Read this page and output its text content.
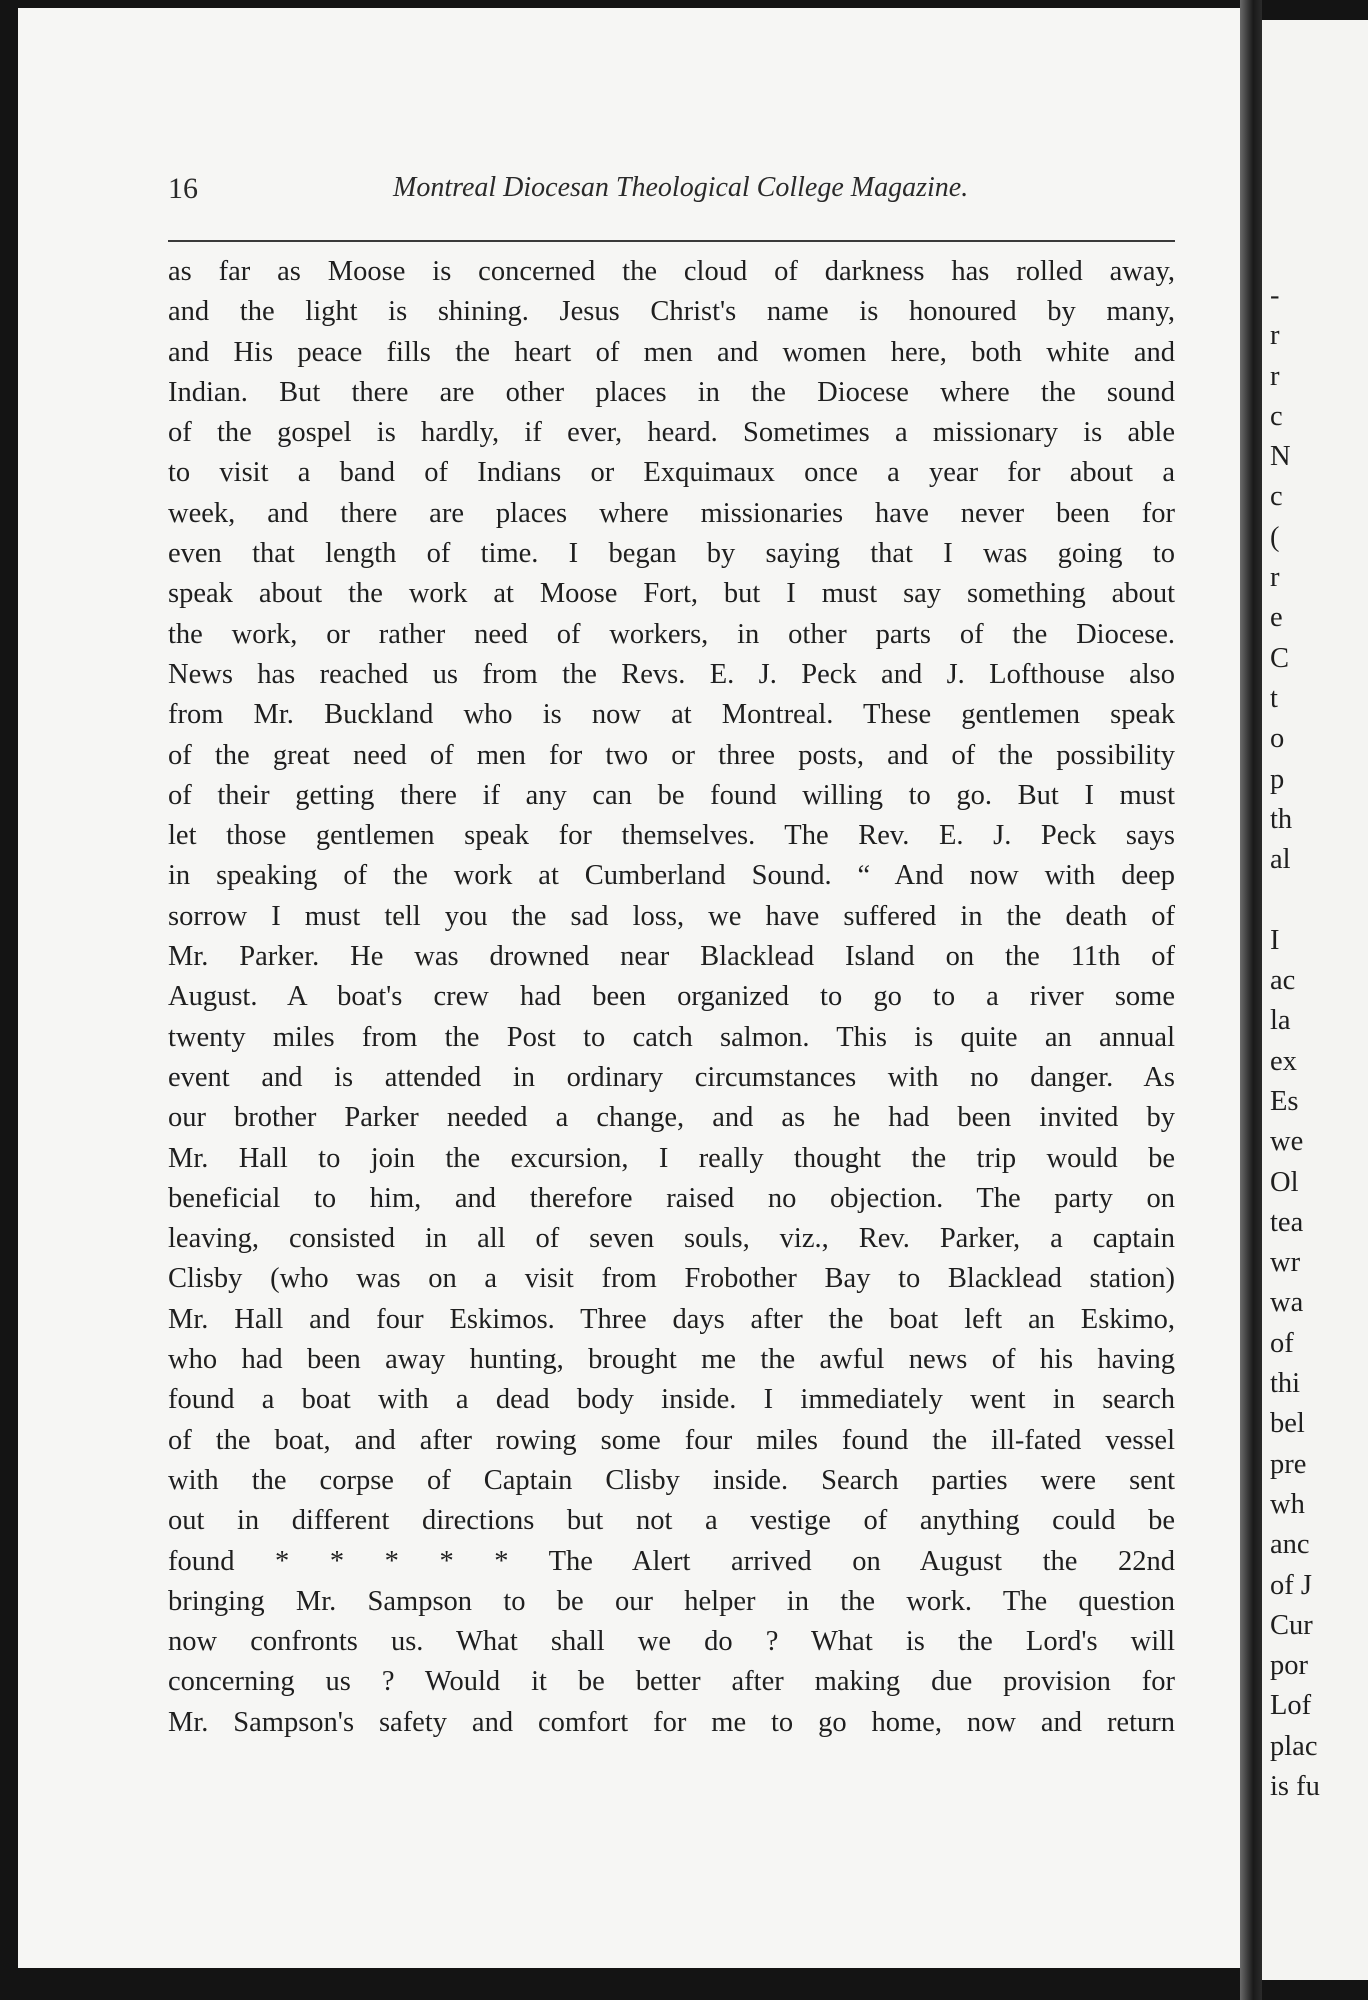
16	Montreal Diocesan Theological College Magazine.
as far as Moose is concerned the cloud of darkness has rolled away,
and the light is shining. Jesus Christ's name is honoured by many,
and His peace fills the heart of men and women here, both white and
Indian. But there are other places in the Diocese where the sound
of the gospel is hardly, if ever, heard. Sometimes a missionary is able
to visit a band of Indians or Exquimaux once a year for about a
week, and there are places where missionaries have never been for
even that length of time. I began by saying that I was going to
speak about the work at Moose Fort, but I must say something about
the work, or rather need of workers, in other parts of the Diocese.
News has reached us from the Revs. E. J. Peck and J. Lofthouse also
from Mr. Buckland who is now at Montreal. These gentlemen speak
of the great need of men for two or three posts, and of the possibility
of their getting there if any can be found willing to go. But I must
let those gentlemen speak for themselves. The Rev. E. J. Peck says
in speaking of the work at Cumberland Sound. “ And now with deep
sorrow I must tell you the sad loss, we have suffered in the death of
Mr. Parker. He was drowned near Blacklead Island on the 11th of
August. A boat's crew had been organized to go to a river some
twenty miles from the Post to catch salmon. This is quite an annual
event and is attended in ordinary circumstances with no danger. As
our brother Parker needed a change, and as he had been invited by
Mr. Hall to join the excursion, I really thought the trip would be
beneficial to him, and therefore raised no objection. The party on
leaving, consisted in all of seven souls, viz., Rev. Parker, a captain
Clisby (who was on a visit from Frobother Bay to Blacklead station)
Mr. Hall and four Eskimos. Three days after the boat left an Eskimo,
who had been away hunting, brought me the awful news of his having
found a boat with a dead body inside. I immediately went in search
of the boat, and after rowing some four miles found the ill-fated vessel
with the corpse of Captain Clisby inside. Search parties were sent
out in different directions but not a vestige of anything could be
found * * * * * The Alert arrived on August the 22nd
bringing Mr. Sampson to be our helper in the work. The question
now confronts us. What shall we do ? What is the Lord's will
concerning us ? Would it be better after making due provision for
Mr. Sampson's safety and comfort for me to go home, now and return
-
r
r
c
N
c
(
r
e
C
t
o
p
th
al
I
ac
la
ex
Es
we
Ol
tea
wr
wa
of
thi
bel
pre
wh
anc
of J
Cur
por
Lof
plac
is fu
